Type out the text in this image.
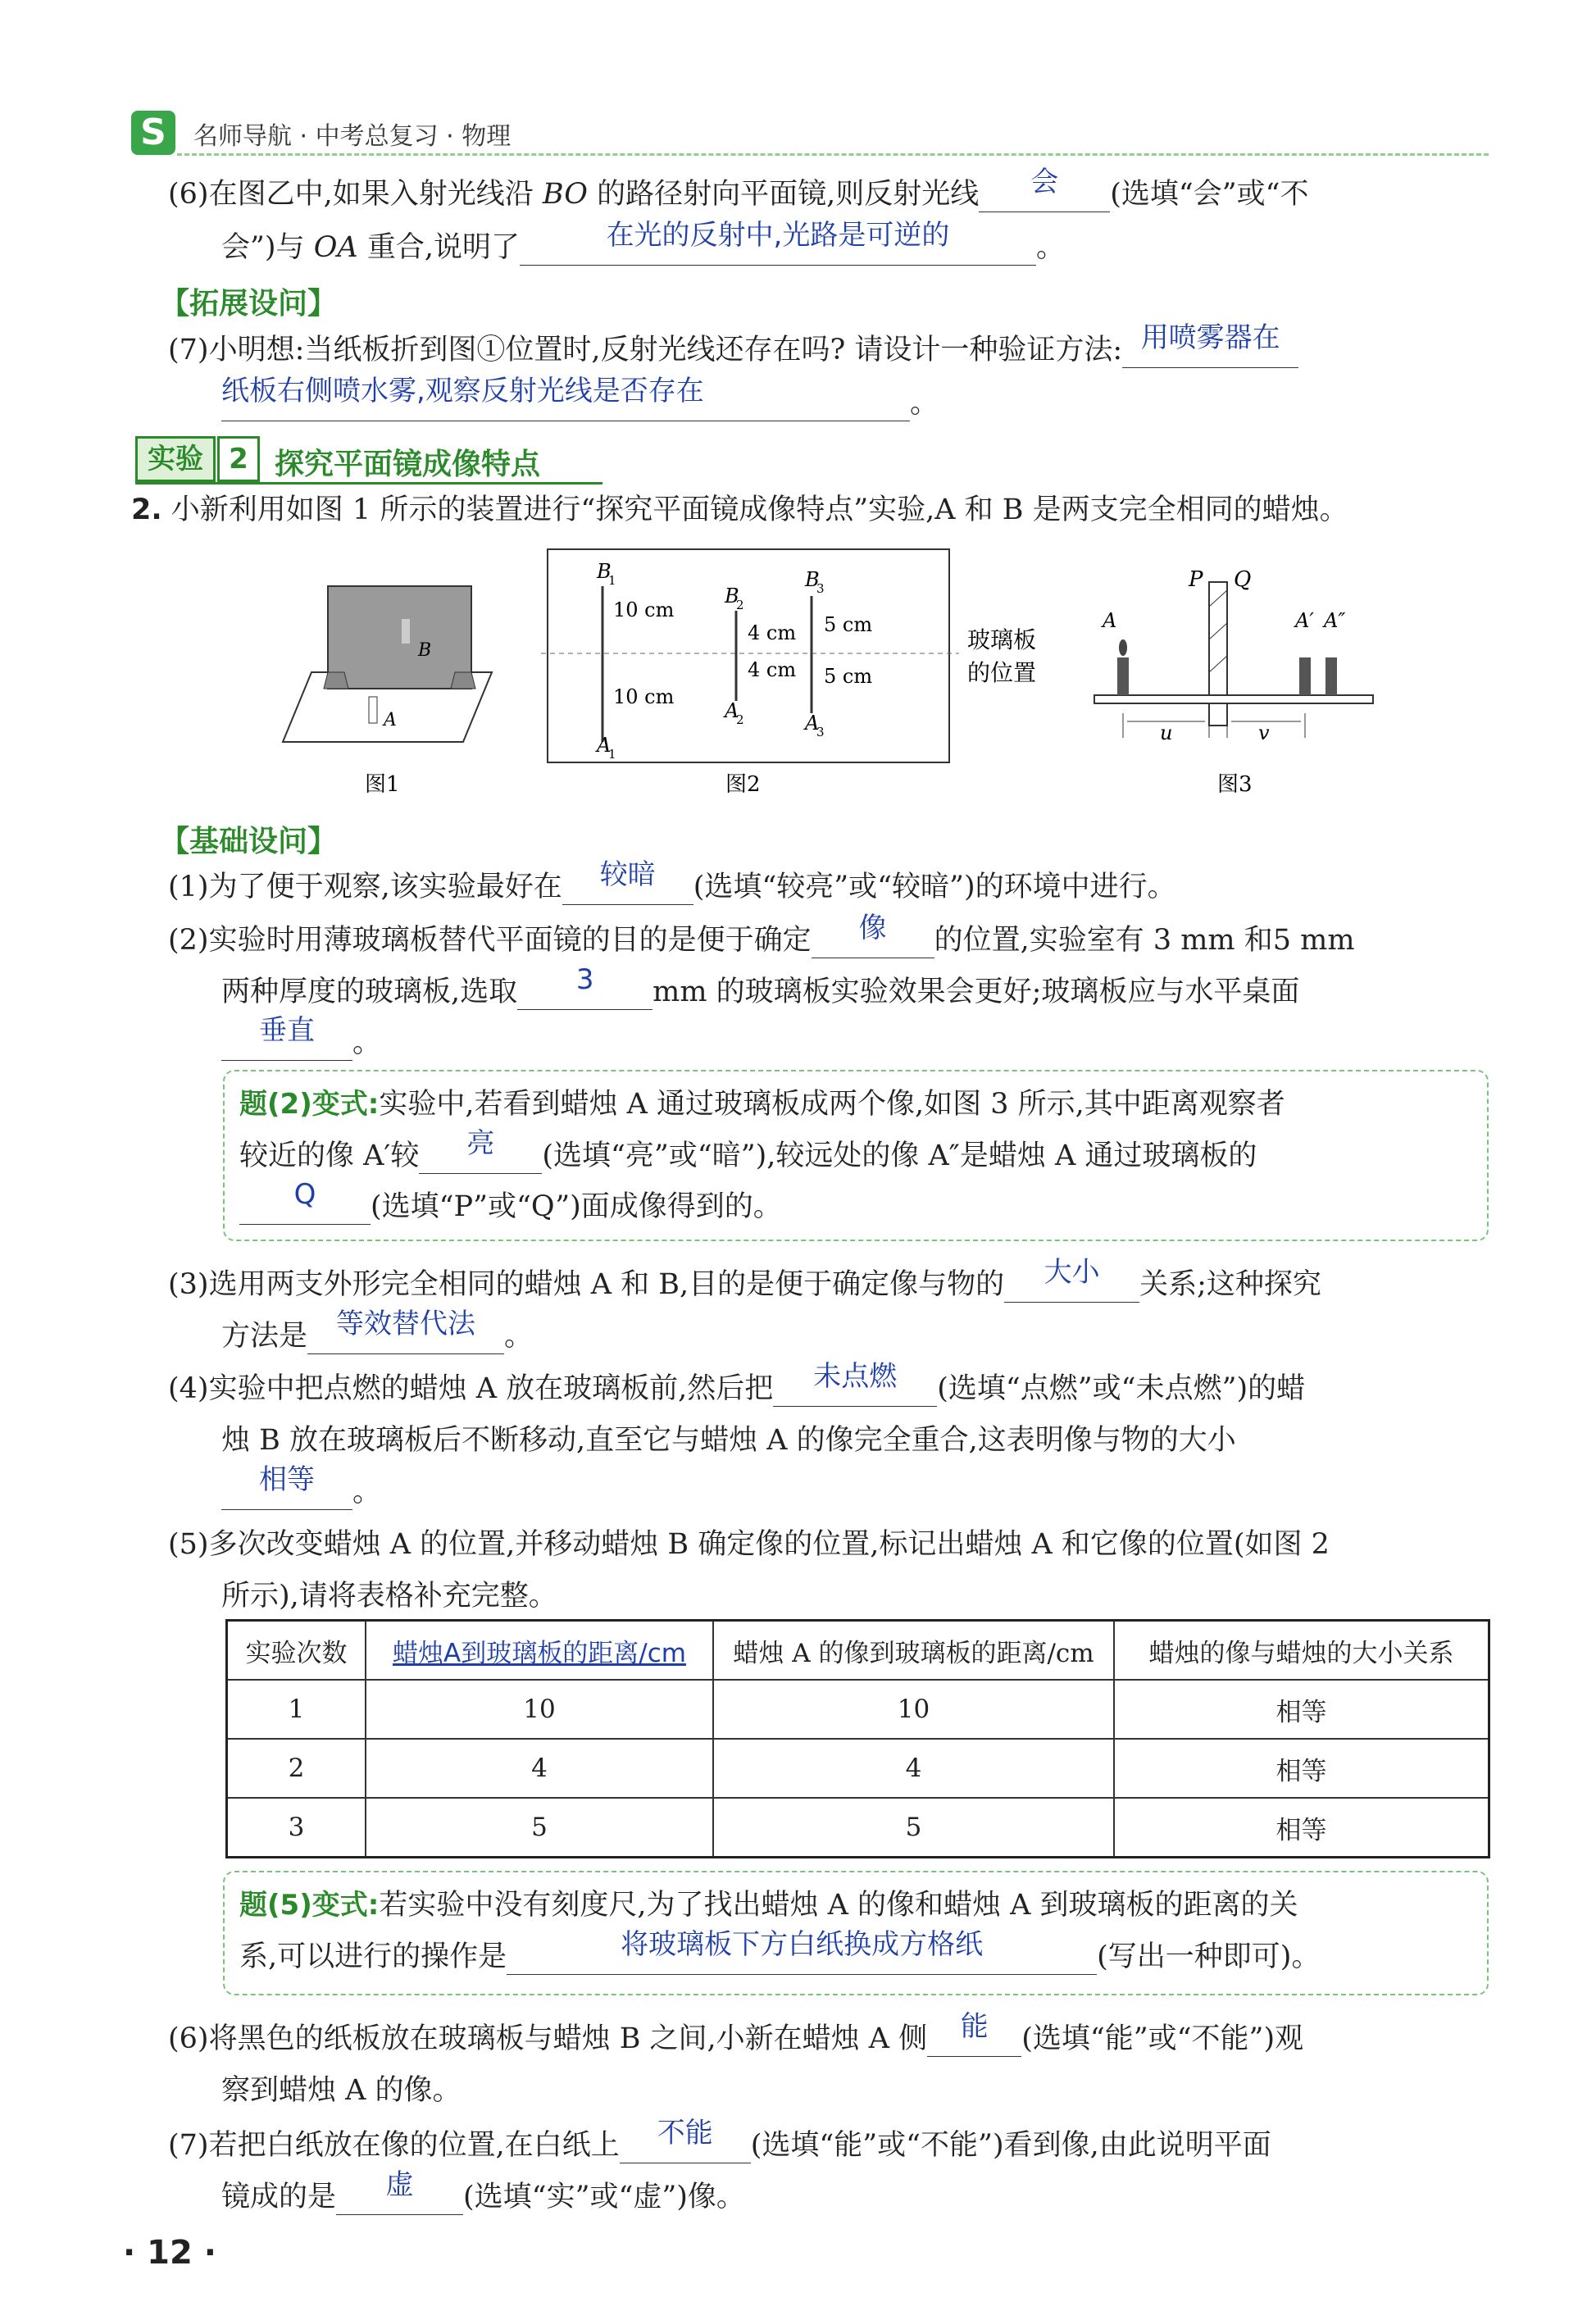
S	名师导航 · 中考总复习 · 物理
(6)在图乙中,如果入射光线沿 BO 的路径射向平面镜,则反射光线	会	(选填“会”或“不
会”)与 OA 重合,说明了	在光的反射中,光路是可逆的	。
【拓展设问】
(7)小明想:当纸板折到图①位置时,反射光线还存在吗? 请设计一种验证方法: 用喷雾器在
纸板右侧喷水雾,观察反射光线是否存在	。
实验 2 探究平面镜成像特点
2. 小新利用如图 1 所示的装置进行“探究平面镜成像特点”实验,A 和 B 是两支完全相同的蜡烛。
B
A
图1
B
1
10 cm
10 cm
A
1
B
2
4 cm
4 cm
A
2
B
3
5 cm
5 cm
A
3
玻璃板
的位置
图2
P Q
A	A′ A″
u	v
图3
【基础设问】
(1)为了便于观察,该实验最好在	较暗	(选填“较亮”或“较暗”)的环境中进行。
(2)实验时用薄玻璃板替代平面镜的目的是便于确定	像	的位置,实验室有 3 mm 和5 mm
两种厚度的玻璃板,选取	3	mm 的玻璃板实验效果会更好;玻璃板应与水平桌面
垂直	。
题(2)变式:实验中,若看到蜡烛 A 通过玻璃板成两个像,如图 3 所示,其中距离观察者
较近的像 A′较	亮	(选填“亮”或“暗”),较远处的像 A″是蜡烛 A 通过玻璃板的
Q	(选填“P”或“Q”)面成像得到的。
(3)选用两支外形完全相同的蜡烛 A 和 B,目的是便于确定像与物的	大小	关系;这种探究
方法是	等效替代法	。
(4)实验中把点燃的蜡烛 A 放在玻璃板前,然后把	未点燃	(选填“点燃”或“未点燃”)的蜡
烛 B 放在玻璃板后不断移动,直至它与蜡烛 A 的像完全重合,这表明像与物的大小
相等	。
(5)多次改变蜡烛 A 的位置,并移动蜡烛 B 确定像的位置,标记出蜡烛 A 和它像的位置(如图 2
所示),请将表格补充完整。
实验次数	蜡烛A到玻璃板的距离/cm	蜡烛 A 的像到玻璃板的距离/cm	蜡烛的像与蜡烛的大小关系
1	10	10	相等
2	4	4	相等
3	5	5	相等
题(5)变式:若实验中没有刻度尺,为了找出蜡烛 A 的像和蜡烛 A 到玻璃板的距离的关
系,可以进行的操作是	将玻璃板下方白纸换成方格纸	(写出一种即可)。
(6)将黑色的纸板放在玻璃板与蜡烛 B 之间,小新在蜡烛 A 侧	能	(选填“能”或“不能”)观
察到蜡烛 A 的像。
(7)若把白纸放在像的位置,在白纸上	不能	(选填“能”或“不能”)看到像,由此说明平面
镜成的是	虚	(选填“实”或“虚”)像。
· 12 ·
